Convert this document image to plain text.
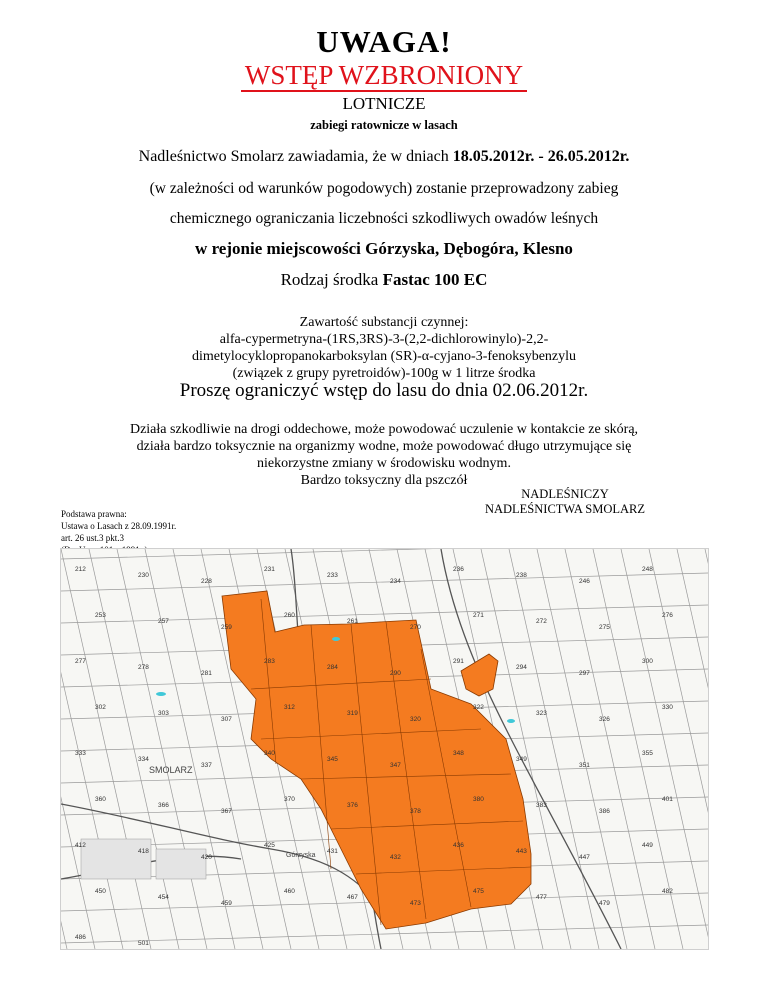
UWAGA!
WSTĘP WZBRONIONY
LOTNICZE
zabiegi ratownicze w lasach
Nadleśnictwo Smolarz zawiadamia, że w dniach 18.05.2012r. - 26.05.2012r.
(w zależności od warunków pogodowych) zostanie przeprowadzony zabieg
chemicznego ograniczania liczebności szkodliwych owadów leśnych
w rejonie miejscowości Górzyska, Dębogóra, Klesno
Rodzaj środka Fastac 100 EC
Zawartość substancji czynnej:
alfa-cypermetryna-(1RS,3RS)-3-(2,2-dichlorowinylo)-2,2-
dimetylocyklopropanokarboksylan (SR)-α-cyjano-3-fenoksybenzylu
(związek z grupy pyretroidów)-100g w 1 litrze środka
Proszę ograniczyć wstęp do lasu do dnia 02.06.2012r.
Działa szkodliwie na drogi oddechowe, może powodować uczulenie w kontakcie ze skórą,
działa bardzo toksycznie na organizmy wodne, może powodować długo utrzymujące się
niekorzystne zmiany w środowisku wodnym.
Bardzo toksyczny dla pszczół
NADLEŚNICZY
NADLEŚNICTWA SMOLARZ
Podstawa prawna:
Ustawa o Lasach z 28.09.1991r.
art. 26 ust.3 pkt.3
SMOLARZ
Górzyska
212
230
228
231
233
234
236
238
246
248
253
257
259
260
261
270
271
272
275
276
277
278
281
283
284
290
291
294
297
300
302
303
307
312
319
320
322
323
326
330
333
334
337
340
345
347
348
349
351
355
360
366
367
370
376
378
380
383
386
401
412
418
420
425
431
432
436
443
447
449
450
454
459
460
467
473
475
477
479
482
486
501
